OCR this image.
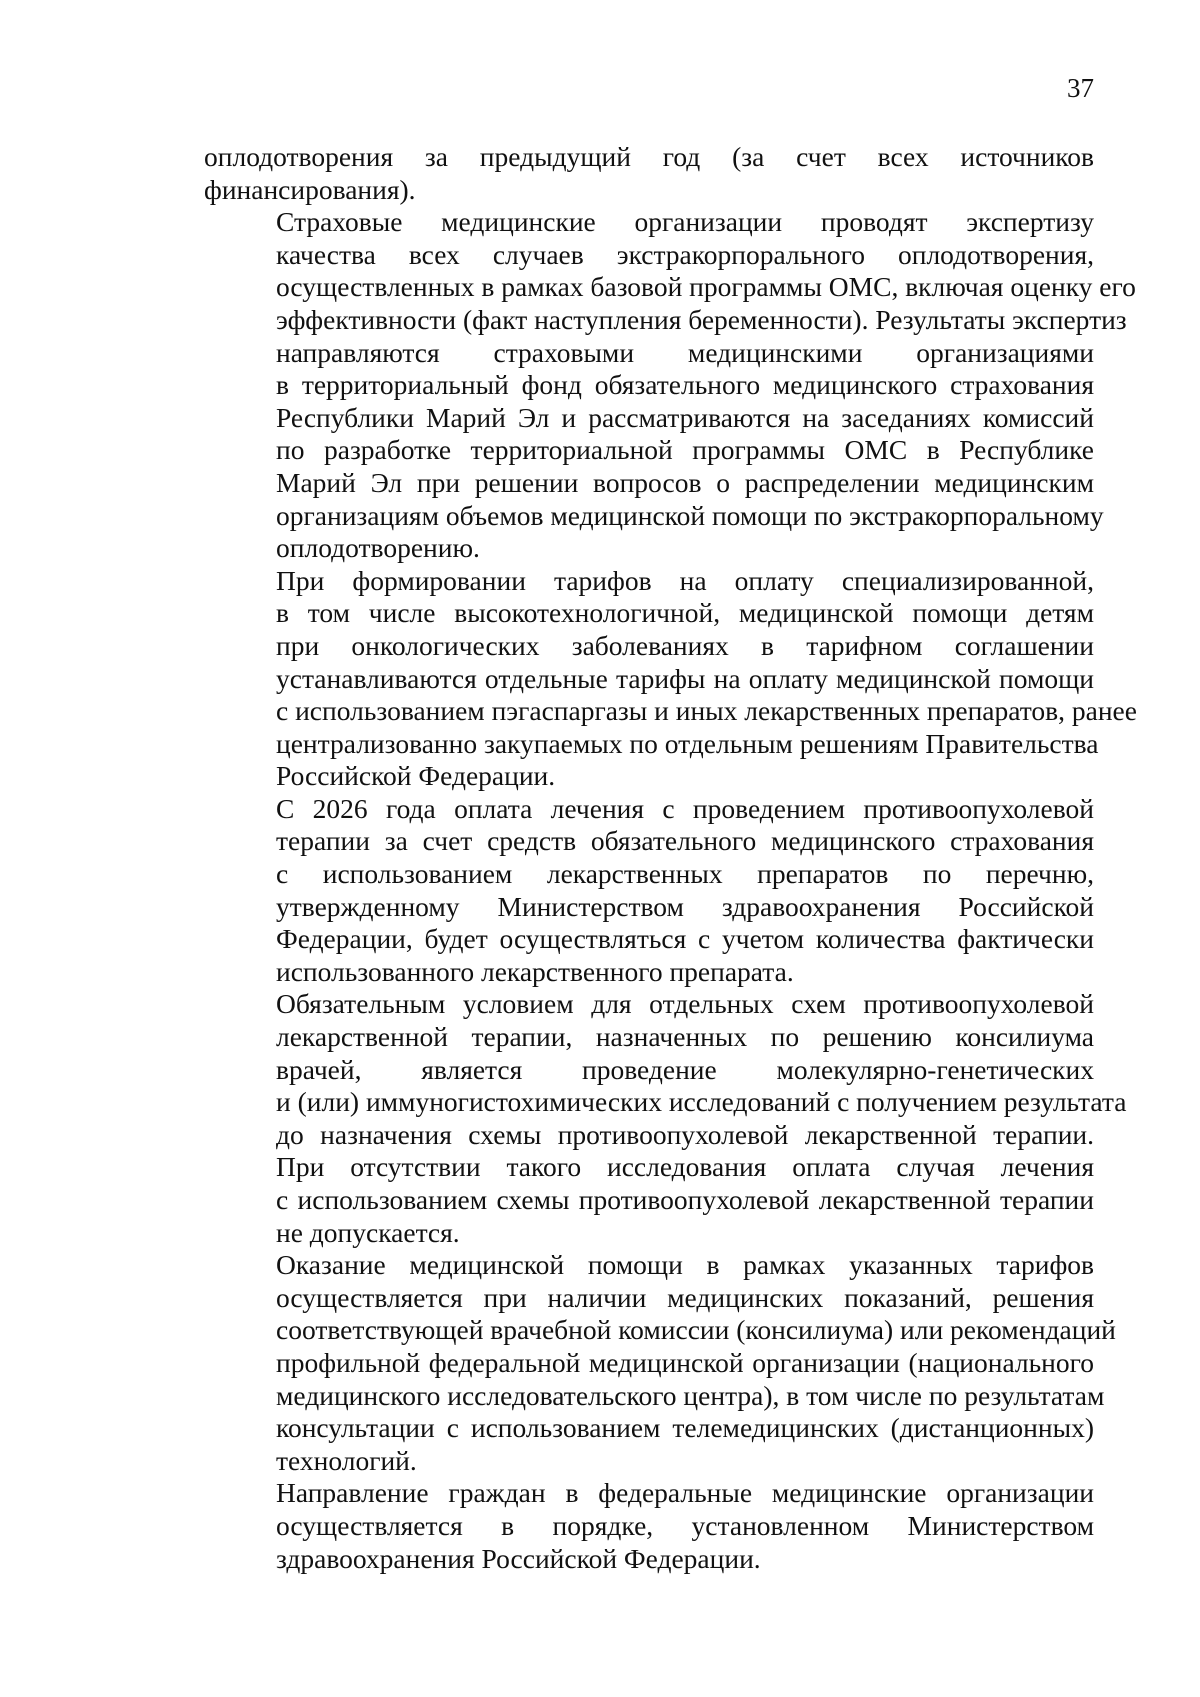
37

оплодотворения за предыдущий год (за счет всех источников
финансирования).

Страховые медицинские организации проводят экспертизу
качества всех случаев экстракорпорального оплодотворения,
осуществленных в рамках базовой программы ОМС, включая оценку его
эффективности (факт наступления беременности). Результаты экспертиз
направляются страховыми медицинскими организациями
в территориальный фонд обязательного медицинского страхования
Республики Марий Эл и рассматриваются на заседаниях комиссий
по разработке территориальной программы ОМС в Республике
Марий Эл при решении вопросов о распределении медицинским
организациям объемов медицинской помощи по экстракорпоральному
оплодотворению.

При формировании тарифов на оплату специализированной,
в том числе высокотехнологичной, медицинской помощи детям
при онкологических заболеваниях в тарифном соглашении
устанавливаются отдельные тарифы на оплату медицинской помощи
с использованием пэгаспаргазы и иных лекарственных препаратов, ранее
централизованно закупаемых по отдельным решениям Правительства
Российской Федерации.

С 2026 года оплата лечения с проведением противоопухолевой
терапии за счет средств обязательного медицинского страхования
с использованием лекарственных препаратов по перечню,
утвержденному Министерством здравоохранения Российской
Федерации, будет осуществляться с учетом количества фактически
использованного лекарственного препарата.

Обязательным условием для отдельных схем противоопухолевой
лекарственной терапии, назначенных по решению консилиума
врачей, является проведение молекулярно-генетических
и (или) иммуногистохимических исследований с получением результата
до назначения схемы противоопухолевой лекарственной терапии.
При отсутствии такого исследования оплата случая лечения
с использованием схемы противоопухолевой лекарственной терапии
не допускается.

Оказание медицинской помощи в рамках указанных тарифов
осуществляется при наличии медицинских показаний, решения
соответствующей врачебной комиссии (консилиума) или рекомендаций
профильной федеральной медицинской организации (национального
медицинского исследовательского центра), в том числе по результатам
консультации с использованием телемедицинских (дистанционных)
технологий.

Направление граждан в федеральные медицинские организации
осуществляется в порядке, установленном Министерством
здравоохранения Российской Федерации.
